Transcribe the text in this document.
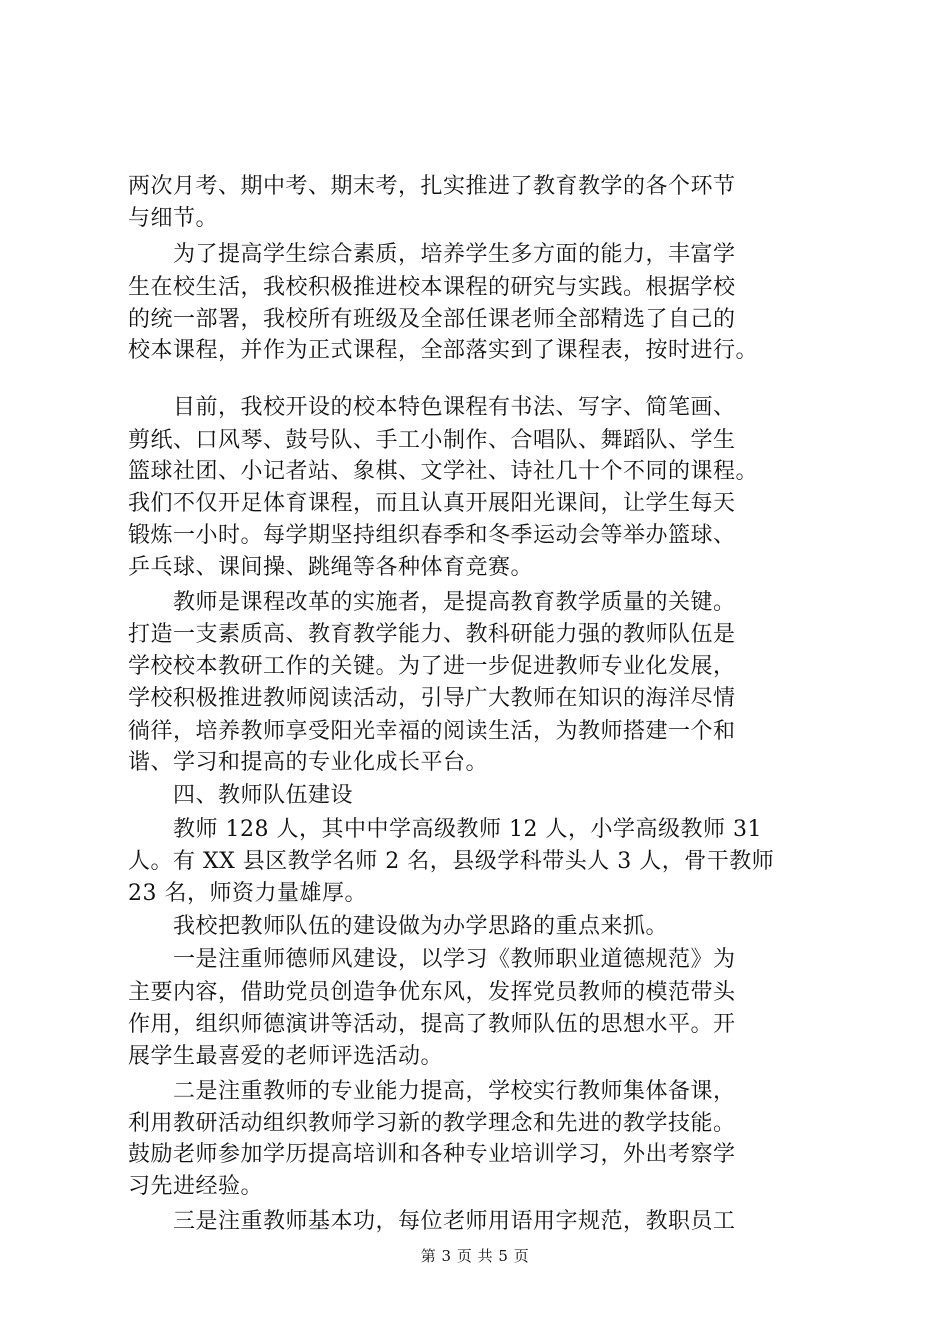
两次月考、期中考、期末考，扎实推进了教育教学的各个环节
与细节。
　　为了提高学生综合素质，培养学生多方面的能力，丰富学
生在校生活，我校积极推进校本课程的研究与实践。根据学校
的统一部署，我校所有班级及全部任课老师全部精选了自己的
校本课程，并作为正式课程，全部落实到了课程表，按时进行。
　　目前，我校开设的校本特色课程有书法、写字、简笔画、
剪纸、口风琴、鼓号队、手工小制作、合唱队、舞蹈队、学生
篮球社团、小记者站、象棋、文学社、诗社几十个不同的课程。
我们不仅开足体育课程，而且认真开展阳光课间，让学生每天
锻炼一小时。每学期坚持组织春季和冬季运动会等举办篮球、
乒乓球、课间操、跳绳等各种体育竞赛。
　　教师是课程改革的实施者，是提高教育教学质量的关键。
打造一支素质高、教育教学能力、教科研能力强的教师队伍是
学校校本教研工作的关键。为了进一步促进教师专业化发展，
学校积极推进教师阅读活动，引导广大教师在知识的海洋尽情
徜徉，培养教师享受阳光幸福的阅读生活，为教师搭建一个和
谐、学习和提高的专业化成长平台。
　　四、教师队伍建设
　　教师 128 人，其中中学高级教师 12 人，小学高级教师 31
人。有 XX 县区教学名师 2 名，县级学科带头人 3 人，骨干教师
23 名，师资力量雄厚。
　　我校把教师队伍的建设做为办学思路的重点来抓。
　　一是注重师德师风建设，以学习《教师职业道德规范》为
主要内容，借助党员创造争优东风，发挥党员教师的模范带头
作用，组织师德演讲等活动，提高了教师队伍的思想水平。开
展学生最喜爱的老师评选活动。
　　二是注重教师的专业能力提高，学校实行教师集体备课，
利用教研活动组织教师学习新的教学理念和先进的教学技能。
鼓励老师参加学历提高培训和各种专业培训学习，外出考察学
习先进经验。
　　三是注重教师基本功，每位老师用语用字规范，教职员工
第 3 页 共 5 页
